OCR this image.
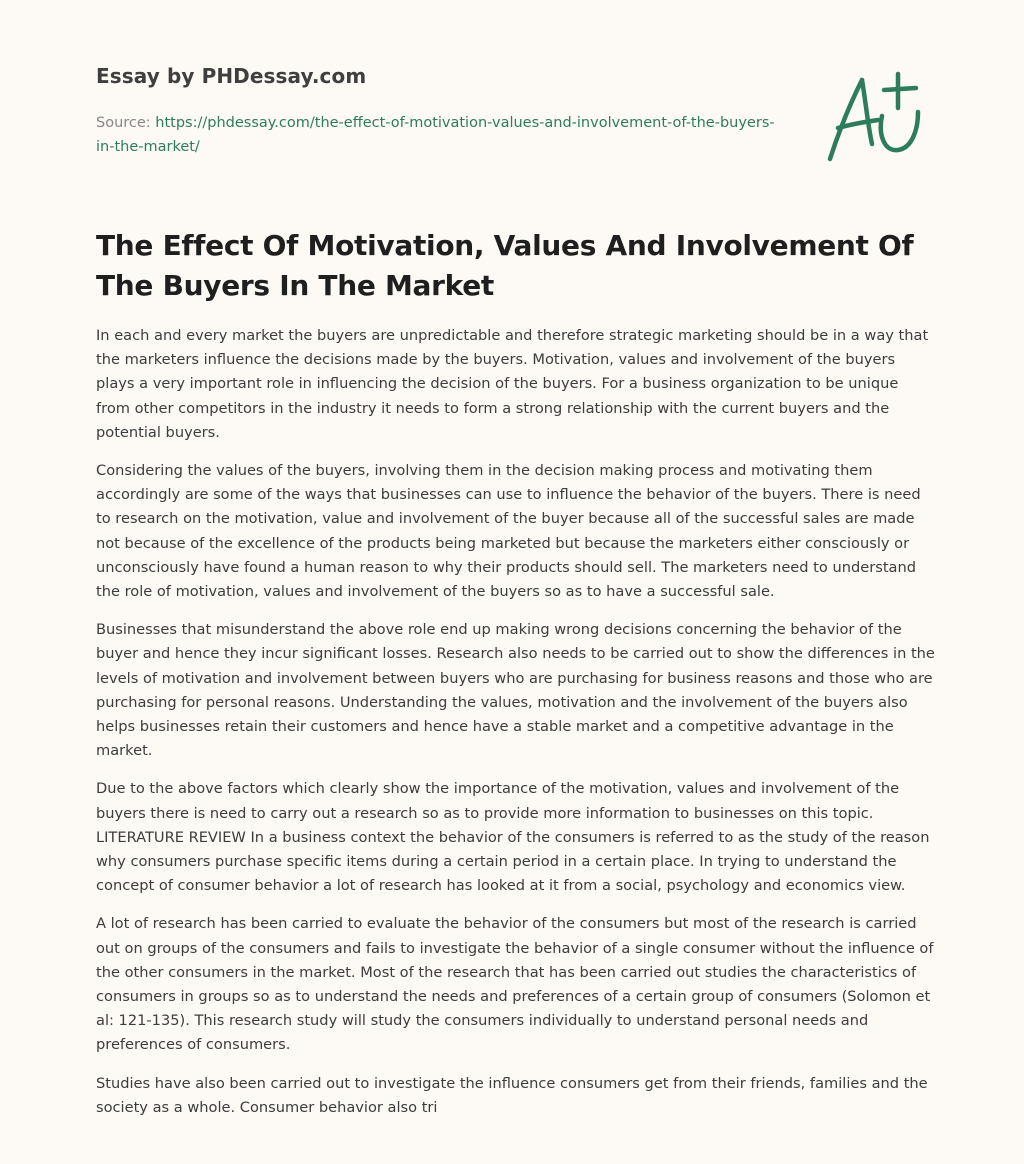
Essay by PHDessay.com
Source: https://phdessay.com/the-effect-of-motivation-values-and-involvement-of-the-buyers-in-the-market/
The Effect Of Motivation, Values And Involvement Of The Buyers In The Market

In each and every market the buyers are unpredictable and therefore strategic marketing should be in a way that the marketers influence the decisions made by the buyers. Motivation, values and involvement of the buyers plays a very important role in influencing the decision of the buyers. For a business organization to be unique from other competitors in the industry it needs to form a strong relationship with the current buyers and the potential buyers.

Considering the values of the buyers, involving them in the decision making process and motivating them accordingly are some of the ways that businesses can use to influence the behavior of the buyers. There is need to research on the motivation, value and involvement of the buyer because all of the successful sales are made not because of the excellence of the products being marketed but because the marketers either consciously or unconsciously have found a human reason to why their products should sell. The marketers need to understand the role of motivation, values and involvement of the buyers so as to have a successful sale.

Businesses that misunderstand the above role end up making wrong decisions concerning the behavior of the buyer and hence they incur significant losses. Research also needs to be carried out to show the differences in the levels of motivation and involvement between buyers who are purchasing for business reasons and those who are purchasing for personal reasons. Understanding the values, motivation and the involvement of the buyers also helps businesses retain their customers and hence have a stable market and a competitive advantage in the market.

Due to the above factors which clearly show the importance of the motivation, values and involvement of the buyers there is need to carry out a research so as to provide more information to businesses on this topic. LITERATURE REVIEW In a business context the behavior of the consumers is referred to as the study of the reason why consumers purchase specific items during a certain period in a certain place. In trying to understand the concept of consumer behavior a lot of research has looked at it from a social, psychology and economics view.

A lot of research has been carried to evaluate the behavior of the consumers but most of the research is carried out on groups of the consumers and fails to investigate the behavior of a single consumer without the influence of the other consumers in the market. Most of the research that has been carried out studies the characteristics of consumers in groups so as to understand the needs and preferences of a certain group of consumers (Solomon et al: 121-135). This research study will study the consumers individually to understand personal needs and preferences of consumers.

Studies have also been carried out to investigate the influence consumers get from their friends, families and the society as a whole. Consumer behavior also tri
